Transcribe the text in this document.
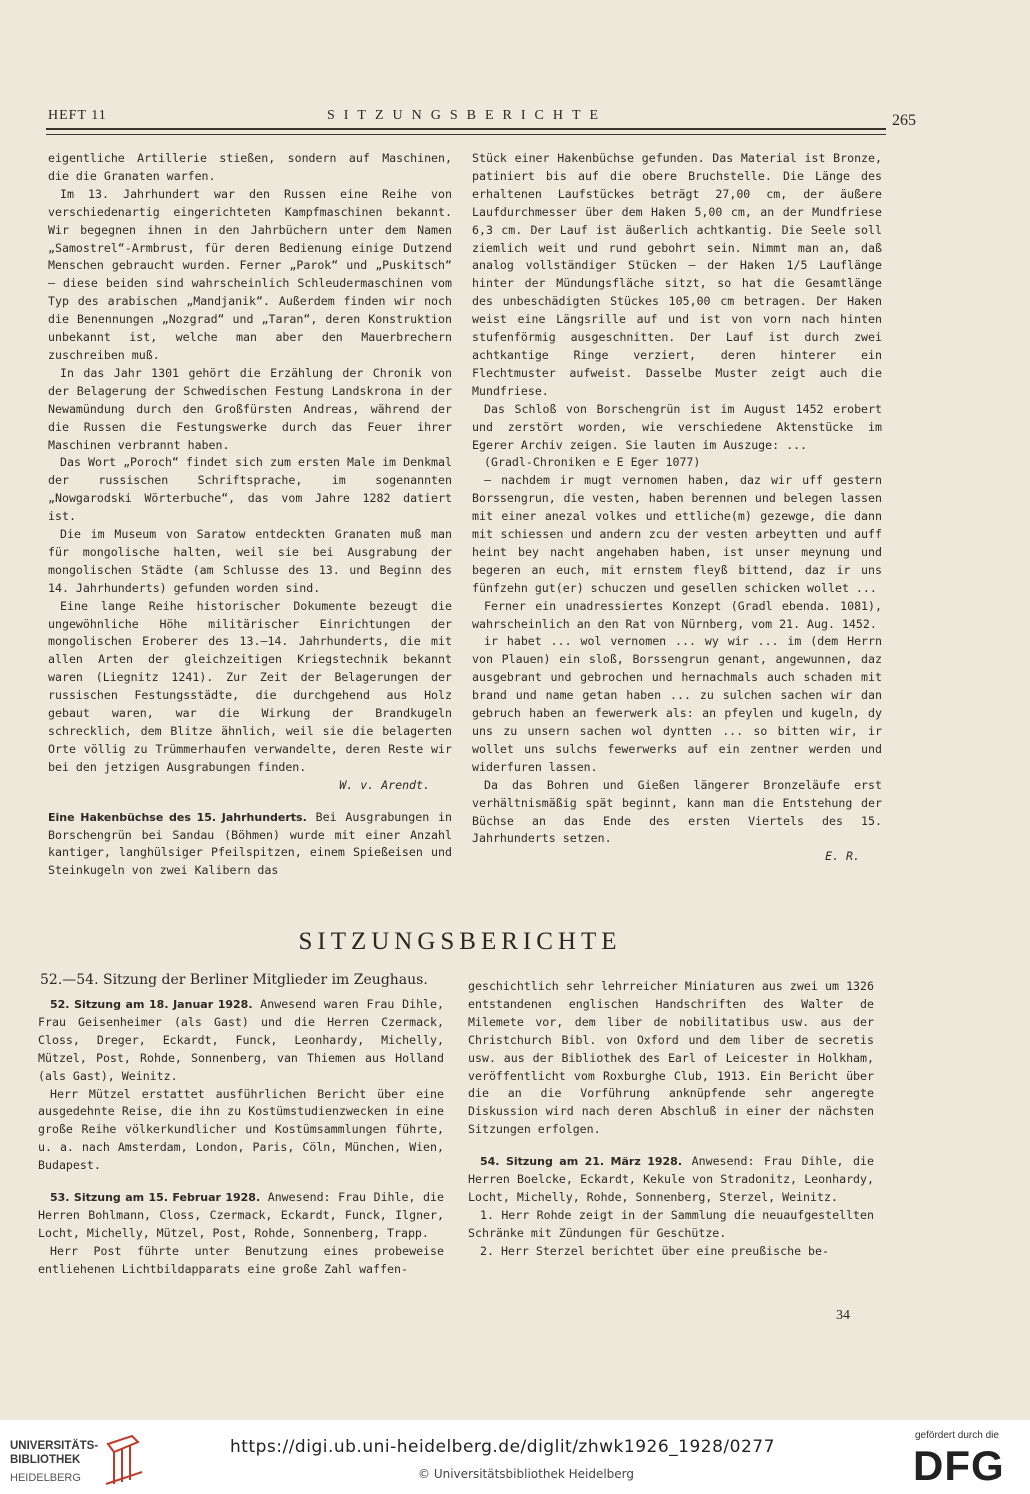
HEFT 11	SITZUNGSBERICHTE	265

eigentliche Artillerie stießen, sondern auf Maschinen, die die Granaten warfen.

Im 13. Jahrhundert war den Russen eine Reihe von verschiedenartig eingerichteten Kampfmaschinen bekannt. Wir begegnen ihnen in den Jahrbüchern unter dem Namen „Samostrel“-Armbrust, für deren Bedienung einige Dutzend Menschen gebraucht wurden. Ferner „Parok“ und „Puskitsch“ — diese beiden sind wahrscheinlich Schleudermaschinen vom Typ des arabischen „Mandjanik“. Außerdem finden wir noch die Benennungen „Nozgrad“ und „Taran“, deren Konstruktion unbekannt ist, welche man aber den Mauerbrechern zuschreiben muß.

In das Jahr 1301 gehört die Erzählung der Chronik von der Belagerung der Schwedischen Festung Landskrona in der Newamündung durch den Großfürsten Andreas, während der die Russen die Festungswerke durch das Feuer ihrer Maschinen verbrannt haben.

Das Wort „Poroch“ findet sich zum ersten Male im Denkmal der russischen Schriftsprache, im sogenannten „Nowgarodski Wörterbuche“, das vom Jahre 1282 datiert ist.

Die im Museum von Saratow entdeckten Granaten muß man für mongolische halten, weil sie bei Ausgrabung der mongolischen Städte (am Schlusse des 13. und Beginn des 14. Jahrhunderts) gefunden worden sind.

Eine lange Reihe historischer Dokumente bezeugt die ungewöhnliche Höhe militärischer Einrichtungen der mongolischen Eroberer des 13.—14. Jahrhunderts, die mit allen Arten der gleichzeitigen Kriegstechnik bekannt waren (Liegnitz 1241). Zur Zeit der Belagerungen der russischen Festungsstädte, die durchgehend aus Holz gebaut waren, war die Wirkung der Brandkugeln schrecklich, dem Blitze ähnlich, weil sie die belagerten Orte völlig zu Trümmerhaufen verwandelte, deren Reste wir bei den jetzigen Ausgrabungen finden.

W. v. Arendt.

Eine Hakenbüchse des 15. Jahrhunderts. Bei Ausgrabungen in Borschengrün bei Sandau (Böhmen) wurde mit einer Anzahl kantiger, langhülsiger Pfeilspitzen, einem Spießeisen und Steinkugeln von zwei Kalibern das

Stück einer Hakenbüchse gefunden. Das Material ist Bronze, patiniert bis auf die obere Bruchstelle. Die Länge des erhaltenen Laufstückes beträgt 27,00 cm, der äußere Laufdurchmesser über dem Haken 5,00 cm, an der Mundfriese 6,3 cm. Der Lauf ist äußerlich achtkantig. Die Seele soll ziemlich weit und rund gebohrt sein. Nimmt man an, daß analog vollständiger Stücken — der Haken 1/5 Lauflänge hinter der Mündungsfläche sitzt, so hat die Gesamtlänge des unbeschädigten Stückes 105,00 cm betragen. Der Haken weist eine Längsrille auf und ist von vorn nach hinten stufenförmig ausgeschnitten. Der Lauf ist durch zwei achtkantige Ringe verziert, deren hinterer ein Flechtmuster aufweist. Dasselbe Muster zeigt auch die Mundfriese.

Das Schloß von Borschengrün ist im August 1452 erobert und zerstört worden, wie verschiedene Aktenstücke im Egerer Archiv zeigen. Sie lauten im Auszuge: ...

(Gradl-Chroniken e E Eger 1077)

— nachdem ir mugt vernomen haben, daz wir uff gestern Borssengrun, die vesten, haben berennen und belegen lassen mit einer anezal volkes und ettliche(m) gezewge, die dann mit schiessen und andern zcu der vesten arbeytten und auff heint bey nacht angehaben haben, ist unser meynung und begeren an euch, mit ernstem fleyß bittend, daz ir uns fünfzehn gut(er) schuczen und gesellen schicken wollet ...

Ferner ein unadressiertes Konzept (Gradl ebenda. 1081), wahrscheinlich an den Rat von Nürnberg, vom 21. Aug. 1452.

ir habet ... wol vernomen ... wy wir ... im (dem Herrn von Plauen) ein sloß, Borssengrun genant, angewunnen, daz ausgebrant und gebrochen und hernachmals auch schaden mit brand und name getan haben ... zu sulchen sachen wir dan gebruch haben an fewerwerk als: an pfeylen und kugeln, dy uns zu unsern sachen wol dyntten ... so bitten wir, ir wollet uns sulchs fewerwerks auf ein zentner werden und widerfuren lassen.

Da das Bohren und Gießen längerer Bronzeläufe erst verhältnismäßig spät beginnt, kann man die Entstehung der Büchse an das Ende des ersten Viertels des 15. Jahrhunderts setzen.

E. R.

SITZUNGSBERICHTE
52.—54. Sitzung der Berliner Mitglieder im Zeughaus.

52. Sitzung am 18. Januar 1928. Anwesend waren Frau Dihle, Frau Geisenheimer (als Gast) und die Herren Czermack, Closs, Dreger, Eckardt, Funck, Leonhardy, Michelly, Mützel, Post, Rohde, Sonnenberg, van Thiemen aus Holland (als Gast), Weinitz.

Herr Mützel erstattet ausführlichen Bericht über eine ausgedehnte Reise, die ihn zu Kostümstudienzwecken in eine große Reihe völkerkundlicher und Kostümsammlungen führte, u. a. nach Amsterdam, London, Paris, Cöln, München, Wien, Budapest.

53. Sitzung am 15. Februar 1928. Anwesend: Frau Dihle, die Herren Bohlmann, Closs, Czermack, Eckardt, Funck, Ilgner, Locht, Michelly, Mützel, Post, Rohde, Sonnenberg, Trapp.

Herr Post führte unter Benutzung eines probeweise entliehenen Lichtbildapparats eine große Zahl waffen-

geschichtlich sehr lehrreicher Miniaturen aus zwei um 1326 entstandenen englischen Handschriften des Walter de Milemete vor, dem liber de nobilitatibus usw. aus der Christchurch Bibl. von Oxford und dem liber de secretis usw. aus der Bibliothek des Earl of Leicester in Holkham, veröffentlicht vom Roxburghe Club, 1913. Ein Bericht über die an die Vorführung anknüpfende sehr angeregte Diskussion wird nach deren Abschluß in einer der nächsten Sitzungen erfolgen.

54. Sitzung am 21. März 1928. Anwesend: Frau Dihle, die Herren Boelcke, Eckardt, Kekule von Stradonitz, Leonhardy, Locht, Michelly, Rohde, Sonnenberg, Sterzel, Weinitz.

1. Herr Rohde zeigt in der Sammlung die neuaufgestellten Schränke mit Zündungen für Geschütze.

2. Herr Sterzel berichtet über eine preußische be-

34
UNIVERSITÄTS-
BIBLIOTHEK
HEIDELBERG
https://digi.ub.uni-heidelberg.de/diglit/zhwk1926_1928/0277
© Universitätsbibliothek Heidelberg
gefördert durch die
DFG
